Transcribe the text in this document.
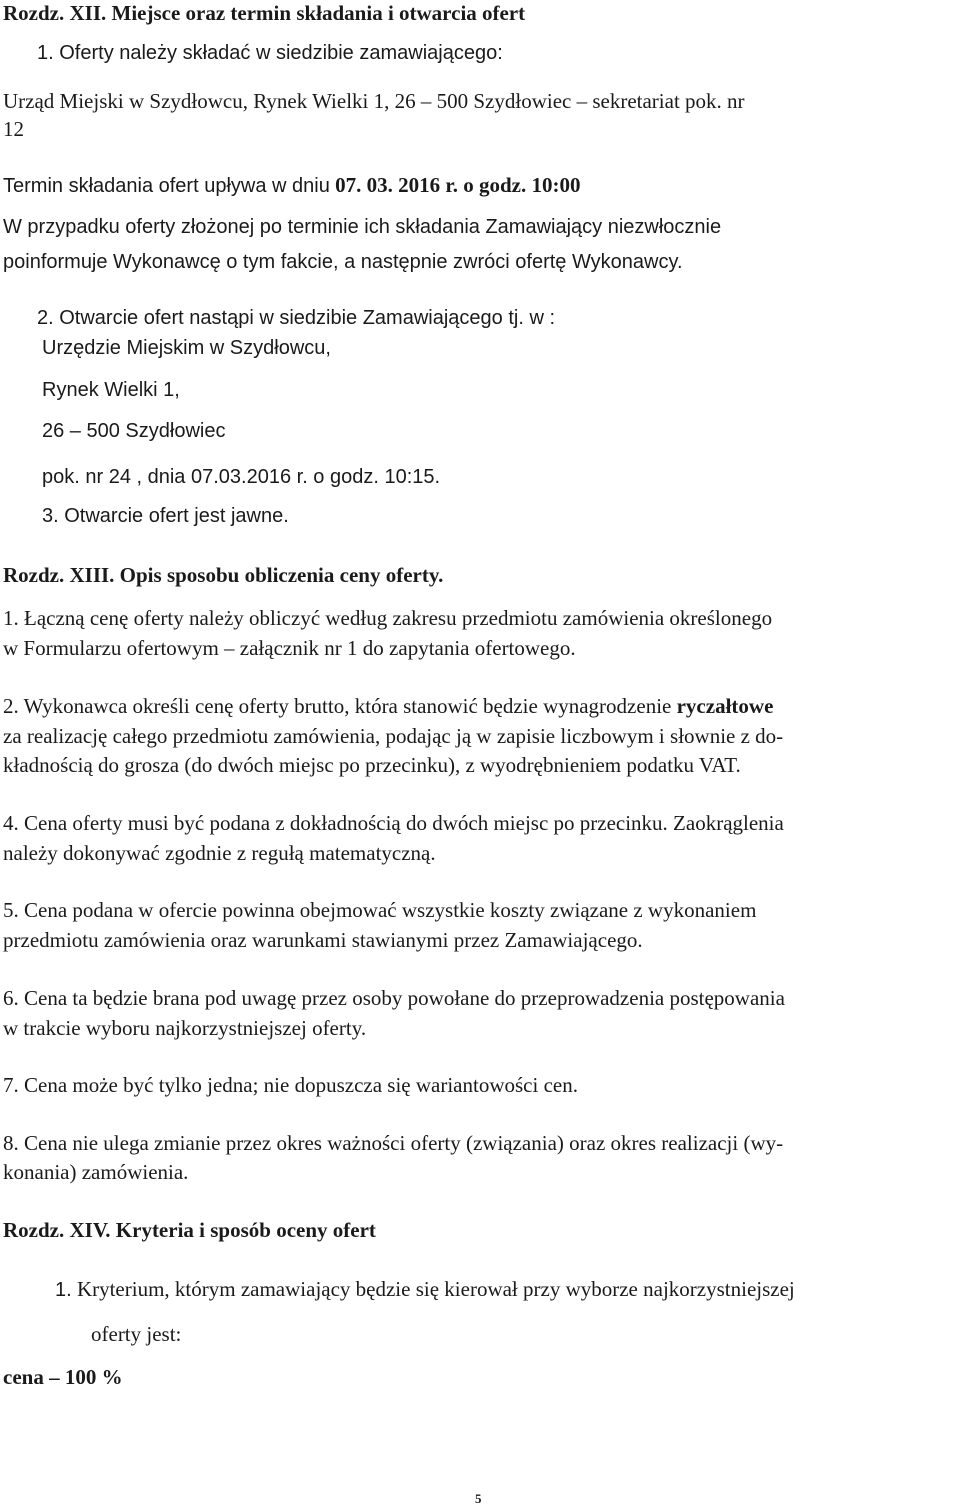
Rozdz. XII. Miejsce oraz termin składania i otwarcia ofert
1. Oferty należy składać w siedzibie zamawiającego:
Urząd Miejski w Szydłowcu, Rynek Wielki 1, 26 – 500 Szydłowiec – sekretariat pok. nr
12
Termin składania ofert upływa w dniu 07. 03. 2016 r. o godz. 10:00
W przypadku oferty złożonej po terminie ich składania Zamawiający niezwłocznie
poinformuje Wykonawcę o tym fakcie, a następnie zwróci ofertę Wykonawcy.
2. Otwarcie ofert nastąpi w siedzibie Zamawiającego tj. w :
Urzędzie Miejskim w Szydłowcu,
Rynek Wielki 1,
26 – 500 Szydłowiec
pok. nr 24 , dnia 07.03.2016 r. o godz. 10:15.
3. Otwarcie ofert jest jawne.
Rozdz. XIII. Opis sposobu obliczenia ceny oferty.
1. Łączną cenę oferty należy obliczyć według zakresu przedmiotu zamówienia określonego
w Formularzu ofertowym – załącznik nr 1 do zapytania ofertowego.
2. Wykonawca określi cenę oferty brutto, która stanowić będzie wynagrodzenie ryczałtowe
za realizację całego przedmiotu zamówienia, podając ją w zapisie liczbowym i słownie z do-
kładnością do grosza (do dwóch miejsc po przecinku), z wyodrębnieniem podatku VAT.
4. Cena oferty musi być podana z dokładnością do dwóch miejsc po przecinku. Zaokrąglenia
należy dokonywać zgodnie z regułą matematyczną.
5. Cena podana w ofercie powinna obejmować wszystkie koszty związane z wykonaniem
przedmiotu zamówienia oraz warunkami stawianymi przez Zamawiającego.
6. Cena ta będzie brana pod uwagę przez osoby powołane do przeprowadzenia postępowania
w trakcie wyboru najkorzystniejszej oferty.
7. Cena może być tylko jedna; nie dopuszcza się wariantowości cen.
8. Cena nie ulega zmianie przez okres ważności oferty (związania) oraz okres realizacji (wy-
konania) zamówienia.
Rozdz. XIV. Kryteria i sposób oceny ofert
1. Kryterium, którym zamawiający będzie się kierował przy wyborze najkorzystniejszej
oferty jest:
cena – 100 %
5
